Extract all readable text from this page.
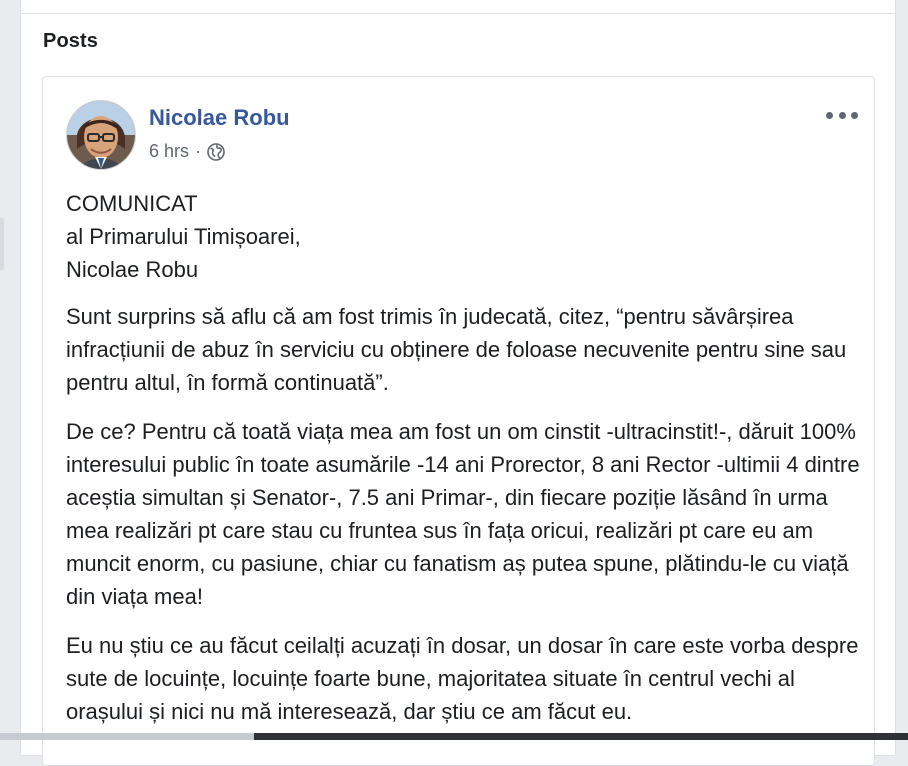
Posts
Nicolae Robu
6 hrs ·

COMUNICAT
al Primarului Timișoarei,
Nicolae Robu

Sunt surprins să aflu că am fost trimis în judecată, citez, “pentru săvârșirea infracțiunii de abuz în serviciu cu obținere de foloase necuvenite pentru sine sau pentru altul, în formă continuată”.

De ce? Pentru că toată viața mea am fost un om cinstit -ultracinstit!-, dăruit 100% interesului public în toate asumările -14 ani Prorector, 8 ani Rector -ultimii 4 dintre aceștia simultan și Senator-, 7.5 ani Primar-, din fiecare poziție lăsând în urma mea realizări pt care stau cu fruntea sus în fața oricui, realizări pt care eu am muncit enorm, cu pasiune, chiar cu fanatism aș putea spune, plătindu-le cu viață din viața mea!

Eu nu știu ce au făcut ceilalți acuzați în dosar, un dosar în care este vorba despre sute de locuințe, locuințe foarte bune, majoritatea situate în centrul vechi al orașului și nici nu mă interesează, dar știu ce am făcut eu.
